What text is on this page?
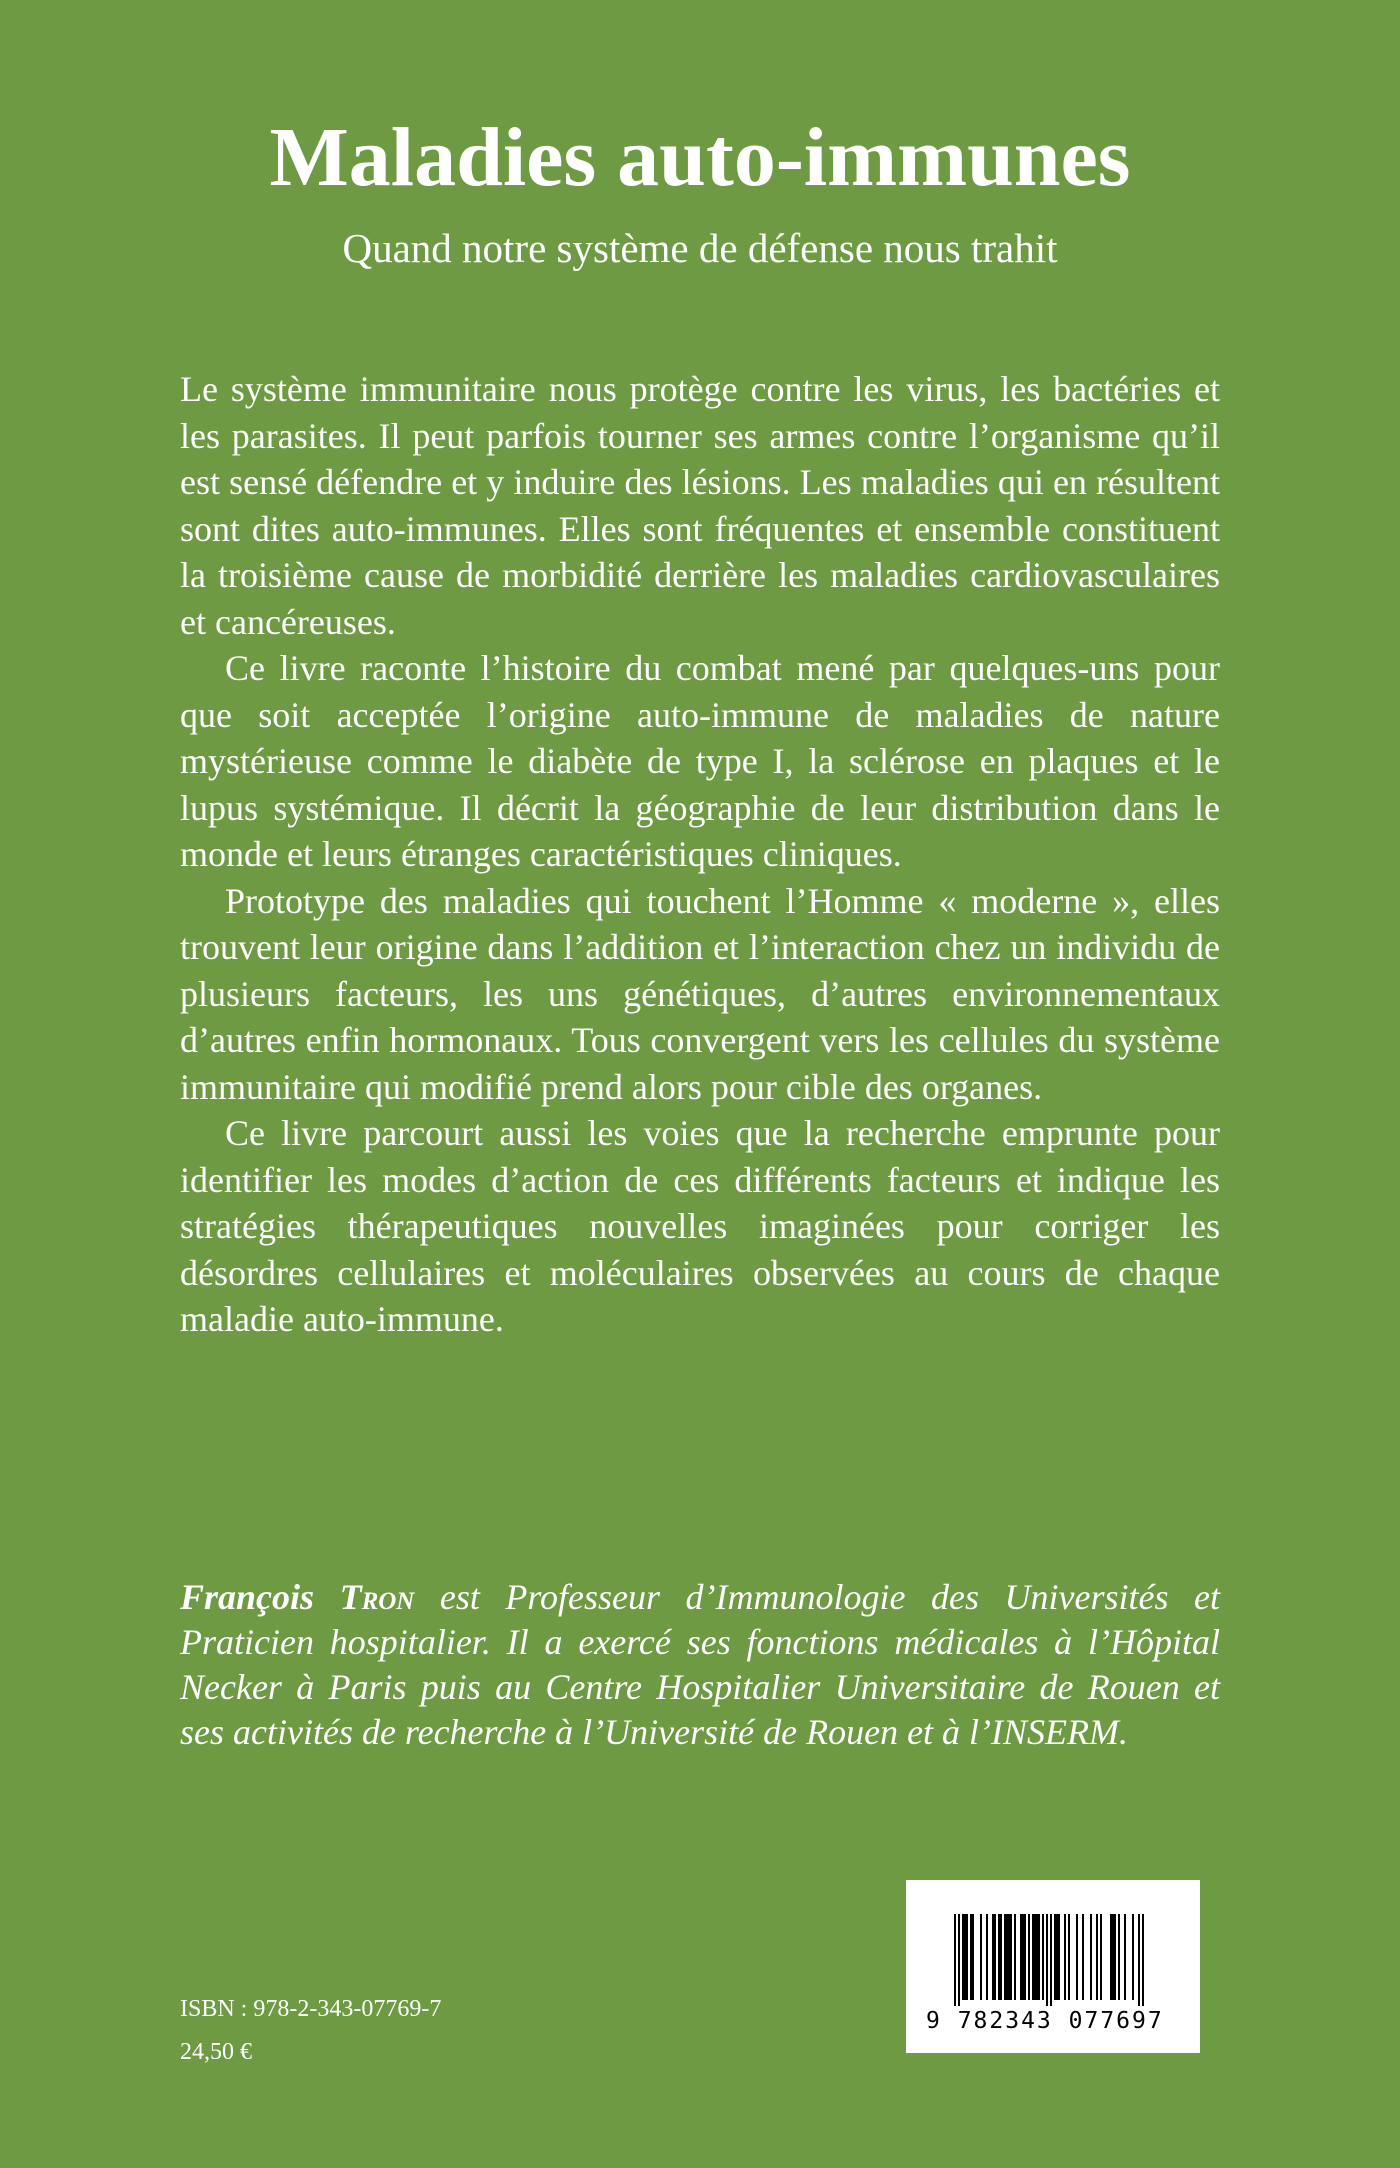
Maladies auto-immunes
Quand notre système de défense nous trahit

Le système immunitaire nous protège contre les virus, les bactéries et les parasites. Il peut parfois tourner ses armes contre l’organisme qu’il est sensé défendre et y induire des lésions. Les maladies qui en résultent sont dites auto-immunes. Elles sont fréquentes et ensemble constituent la troisième cause de morbidité derrière les maladies cardiovasculaires et cancéreuses.

Ce livre raconte l’histoire du combat mené par quelques-uns pour que soit acceptée l’origine auto-immune de maladies de nature mystérieuse comme le diabète de type I, la sclérose en plaques et le lupus systémique. Il décrit la géographie de leur distribution dans le monde et leurs étranges caractéristiques cliniques.

Prototype des maladies qui touchent l’Homme « moderne », elles trouvent leur origine dans l’addition et l’interaction chez un individu de plusieurs facteurs, les uns génétiques, d’autres environnementaux d’autres enfin hormonaux. Tous convergent vers les cellules du système immunitaire qui modifié prend alors pour cible des organes.

Ce livre parcourt aussi les voies que la recherche emprunte pour identifier les modes d’action de ces différents facteurs et indique les stratégies thérapeutiques nouvelles imaginées pour corriger les désordres cellulaires et moléculaires observées au cours de chaque maladie auto-immune.

François Tron est Professeur d’Immunologie des Universités et Praticien hospitalier. Il a exercé ses fonctions médicales à l’Hôpital Necker à Paris puis au Centre Hospitalier Universitaire de Rouen et ses activités de recherche à l’Université de Rouen et à l’INSERM.
ISBN : 978-2-343-07769-7
24,50 €
9 782343 077697
